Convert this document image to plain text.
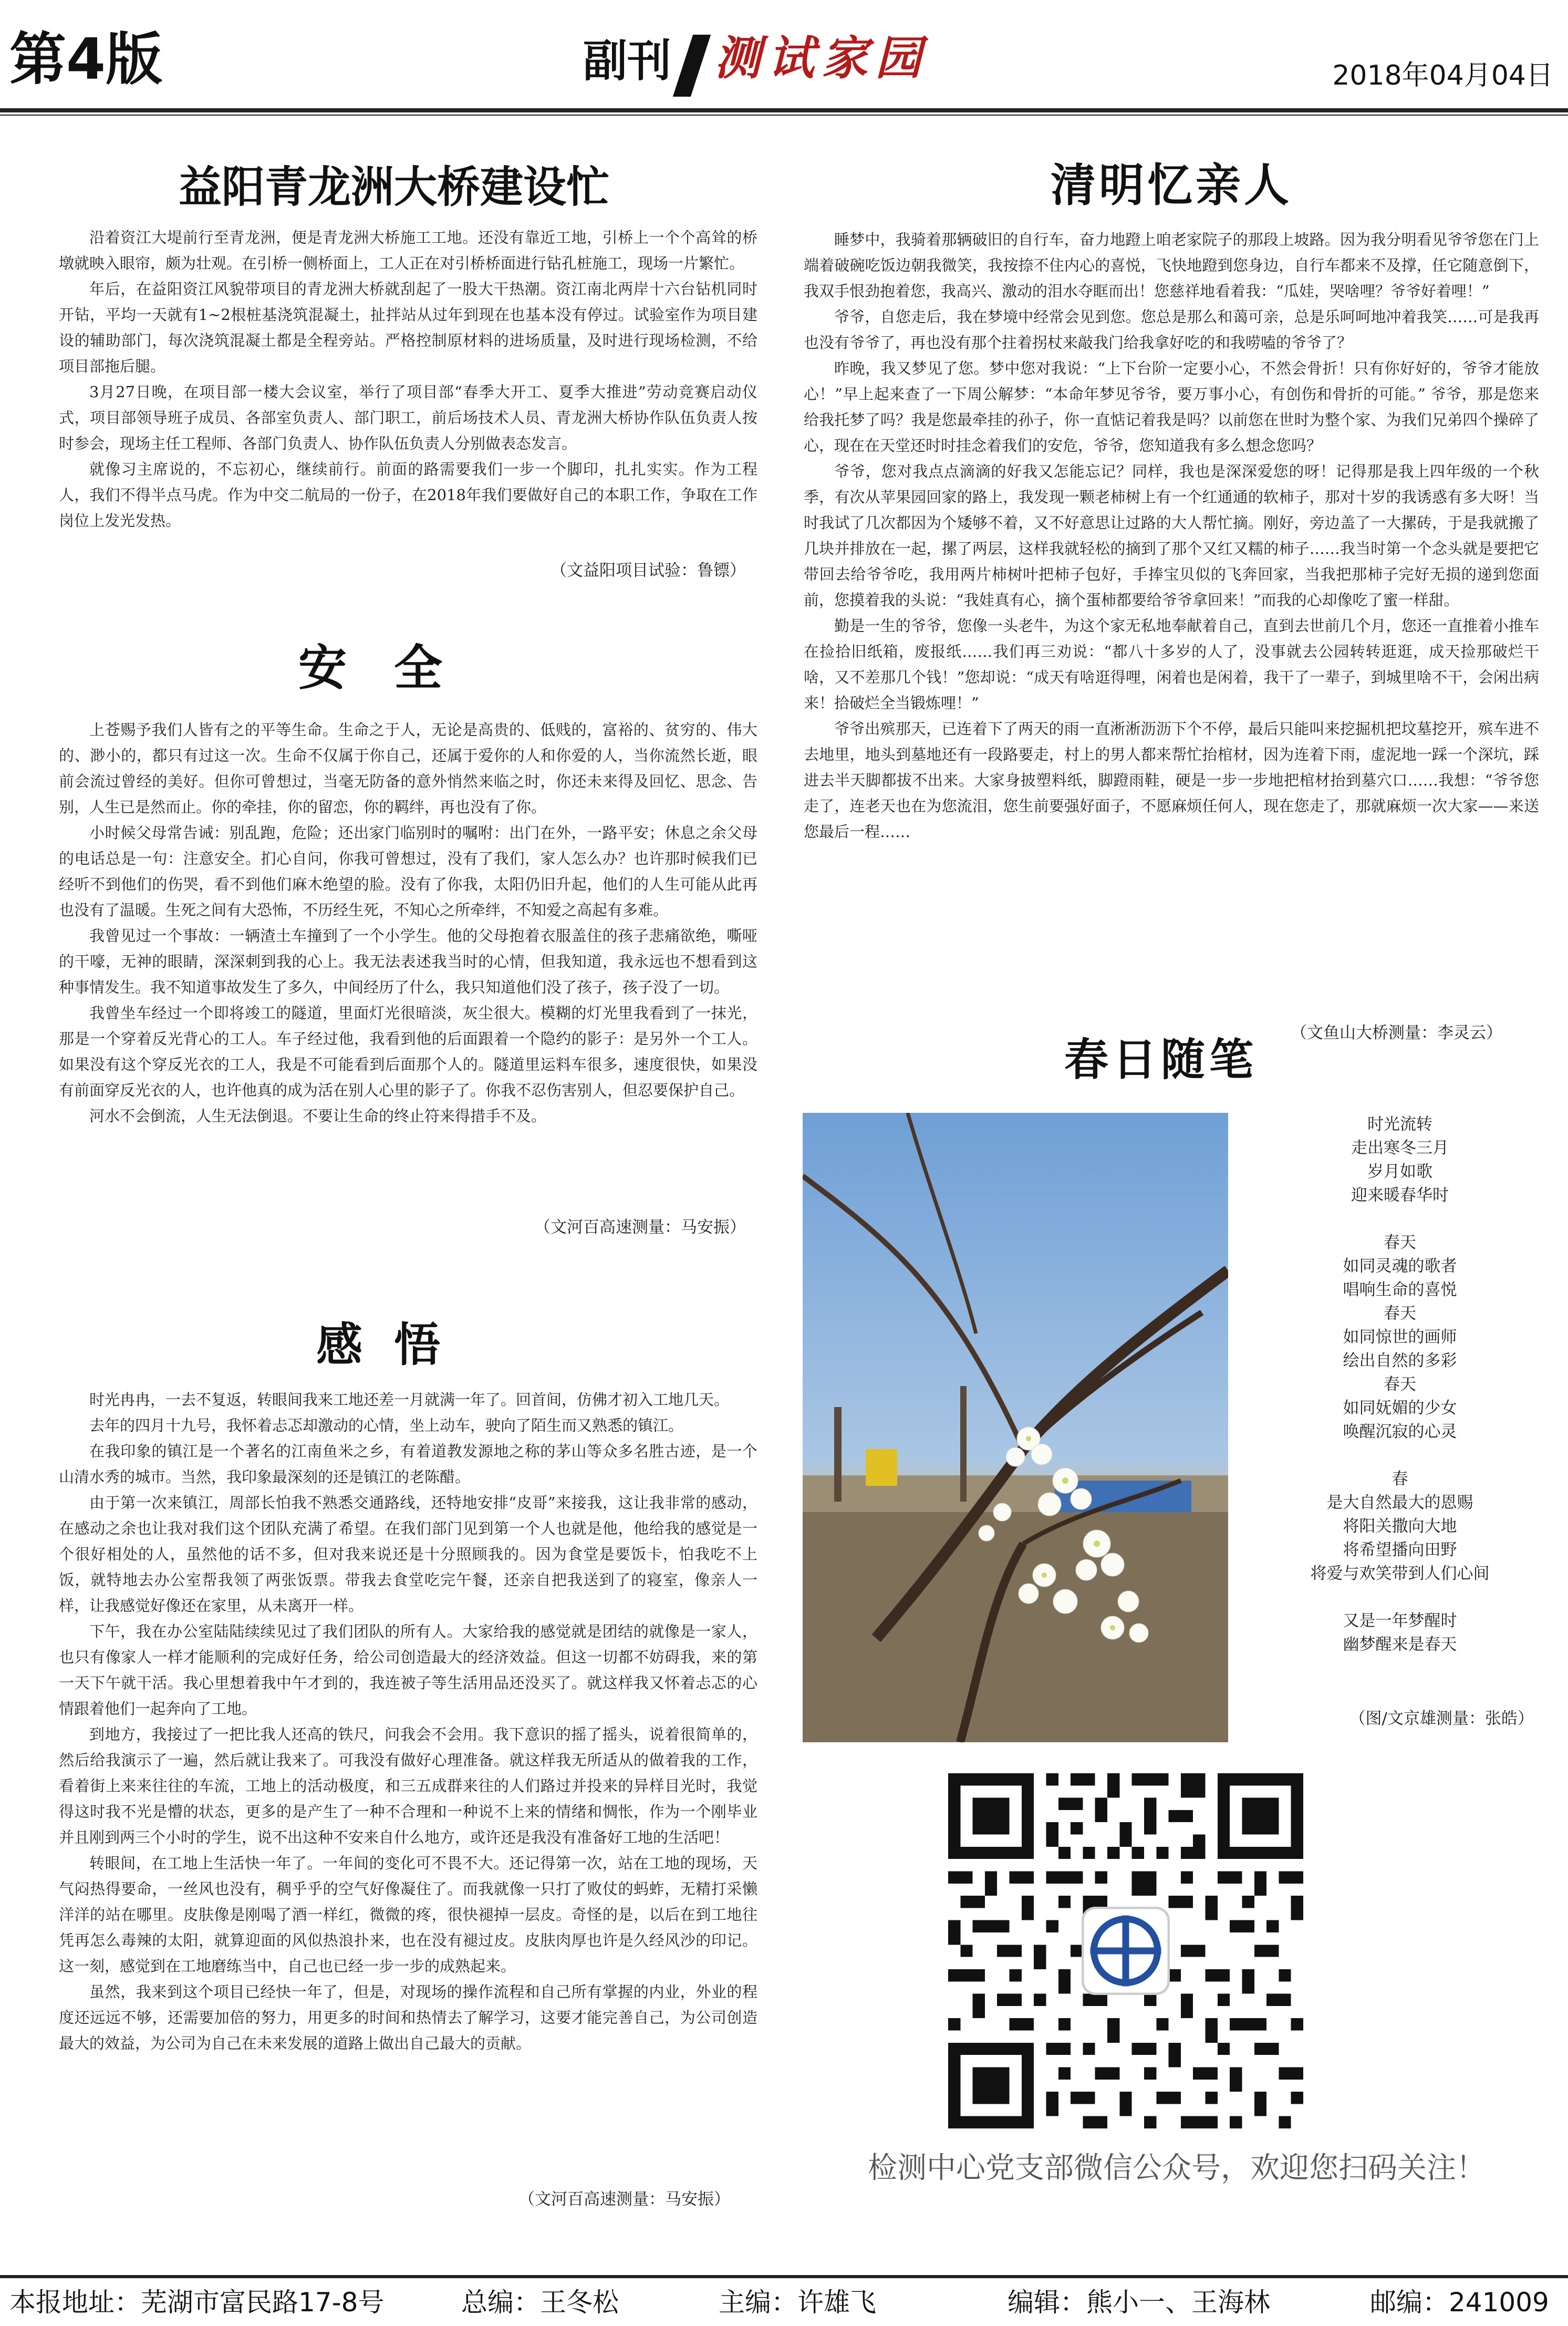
第4版	副刊 测试家园	2018年04月04日
益阳青龙洲大桥建设忙

沿着资江大堤前行至青龙洲，便是青龙洲大桥施工工地。还没有靠近工地，引桥上一个个高耸的桥墩就映入眼帘，颇为壮观。在引桥一侧桥面上，工人正在对引桥桥面进行钻孔桩施工，现场一片繁忙。

年后，在益阳资江风貌带项目的青龙洲大桥就刮起了一股大干热潮。资江南北两岸十六台钻机同时开钻，平均一天就有1~2根桩基浇筑混凝土，扯拌站从过年到现在也基本没有停过。试验室作为项目建设的辅助部门，每次浇筑混凝土都是全程旁站。严格控制原材料的进场质量，及时进行现场检测，不给项目部拖后腿。

3月27日晚，在项目部一楼大会议室，举行了项目部“春季大开工、夏季大推进”劳动竞赛启动仪式，项目部领导班子成员、各部室负责人、部门职工，前后场技术人员、青龙洲大桥协作队伍负责人按时参会，现场主任工程师、各部门负责人、协作队伍负责人分别做表态发言。

就像习主席说的，不忘初心，继续前行。前面的路需要我们一步一个脚印，扎扎实实。作为工程人，我们不得半点马虎。作为中交二航局的一份子，在2018年我们要做好自己的本职工作，争取在工作岗位上发光发热。

（文益阳项目试验：鲁镖）
安全

上苍赐予我们人皆有之的平等生命。生命之于人，无论是高贵的、低贱的，富裕的、贫穷的、伟大的、渺小的，都只有过这一次。生命不仅属于你自己，还属于爱你的人和你爱的人，当你流然长逝，眼前会流过曾经的美好。但你可曾想过，当毫无防备的意外悄然来临之时，你还未来得及回忆、思念、告别，人生已是然而止。你的牵挂，你的留恋，你的羁绊，再也没有了你。

小时候父母常告诫：别乱跑，危险；还出家门临别时的嘱咐：出门在外，一路平安；休息之余父母的电话总是一句：注意安全。扪心自问，你我可曾想过，没有了我们，家人怎么办？也许那时候我们已经听不到他们的伤哭，看不到他们麻木绝望的脸。没有了你我，太阳仍旧升起，他们的人生可能从此再也没有了温暖。生死之间有大恐怖，不历经生死，不知心之所牵绊，不知爱之高起有多难。

我曾见过一个事故：一辆渣土车撞到了一个小学生。他的父母抱着衣服盖住的孩子悲痛欲绝，嘶哑的干嚎，无神的眼睛，深深刺到我的心上。我无法表述我当时的心情，但我知道，我永远也不想看到这种事情发生。我不知道事故发生了多久，中间经历了什么，我只知道他们没了孩子，孩子没了一切。

我曾坐车经过一个即将竣工的隧道，里面灯光很暗淡，灰尘很大。模糊的灯光里我看到了一抹光，那是一个穿着反光背心的工人。车子经过他，我看到他的后面跟着一个隐约的影子：是另外一个工人。如果没有这个穿反光衣的工人，我是不可能看到后面那个人的。隧道里运料车很多，速度很快，如果没有前面穿反光衣的人，也许他真的成为活在别人心里的影子了。你我不忍伤害别人，但忍要保护自己。

河水不会倒流，人生无法倒退。不要让生命的终止符来得措手不及。

（文河百高速测量：马安振）
感悟

时光冉冉，一去不复返，转眼间我来工地还差一月就满一年了。回首间，仿佛才初入工地几天。

去年的四月十九号，我怀着忐忑却激动的心情，坐上动车，驶向了陌生而又熟悉的镇江。

在我印象的镇江是一个著名的江南鱼米之乡，有着道教发源地之称的茅山等众多名胜古迹，是一个山清水秀的城市。当然，我印象最深刻的还是镇江的老陈醋。

由于第一次来镇江，周部长怕我不熟悉交通路线，还特地安排“皮哥”来接我，这让我非常的感动，在感动之余也让我对我们这个团队充满了希望。在我们部门见到第一个人也就是他，他给我的感觉是一个很好相处的人，虽然他的话不多，但对我来说还是十分照顾我的。因为食堂是要饭卡，怕我吃不上饭，就特地去办公室帮我领了两张饭票。带我去食堂吃完午餐，还亲自把我送到了的寝室，像亲人一样，让我感觉好像还在家里，从未离开一样。

下午，我在办公室陆陆续续见过了我们团队的所有人。大家给我的感觉就是团结的就像是一家人，也只有像家人一样才能顺利的完成好任务，给公司创造最大的经济效益。但这一切都不妨碍我，来的第一天下午就干活。我心里想着我中午才到的，我连被子等生活用品还没买了。就这样我又怀着忐忑的心情跟着他们一起奔向了工地。

到地方，我接过了一把比我人还高的铁尺，问我会不会用。我下意识的摇了摇头，说着很简单的，然后给我演示了一遍，然后就让我来了。可我没有做好心理准备。就这样我无所适从的做着我的工作，看着街上来来往往的车流，工地上的活动极度，和三五成群来往的人们路过并投来的异样目光时，我觉得这时我不光是懵的状态，更多的是产生了一种不合理和一种说不上来的情绪和惆怅，作为一个刚毕业并且刚到两三个小时的学生，说不出这种不安来自什么地方，或许还是我没有准备好工地的生活吧！

转眼间，在工地上生活快一年了。一年间的变化可不畏不大。还记得第一次，站在工地的现场，天气闷热得要命，一丝风也没有，稠乎乎的空气好像凝住了。而我就像一只打了败仗的蚂蚱，无精打采懒洋洋的站在哪里。皮肤像是刚喝了酒一样红，微微的疼，很快褪掉一层皮。奇怪的是，以后在到工地往凭再怎么毒辣的太阳，就算迎面的风似热浪扑来，也在没有褪过皮。皮肤肉厚也许是久经风沙的印记。这一刻，感觉到在工地磨练当中，自己也已经一步一步的成熟起来。

虽然，我来到这个项目已经快一年了，但是，对现场的操作流程和自己所有掌握的内业，外业的程度还远远不够，还需要加倍的努力，用更多的时间和热情去了解学习，这要才能完善自己，为公司创造最大的效益，为公司为自己在未来发展的道路上做出自己最大的贡献。

（文河百高速测量：马安振）
清明忆亲人

睡梦中，我骑着那辆破旧的自行车，奋力地蹬上咱老家院子的那段上坡路。因为我分明看见爷爷您在门上端着破碗吃饭边朝我微笑，我按捺不住内心的喜悦，飞快地蹬到您身边，自行车都来不及撑，任它随意倒下，我双手恨劲抱着您，我高兴、激动的泪水夺眶而出！您慈祥地看着我：“瓜娃，哭啥哩？爷爷好着哩！”

爷爷，自您走后，我在梦境中经常会见到您。您总是那么和蔼可亲，总是乐呵呵地冲着我笑……可是我再也没有爷爷了，再也没有那个拄着拐杖来敲我门给我拿好吃的和我唠嗑的爷爷了？

昨晚，我又梦见了您。梦中您对我说：“上下台阶一定要小心，不然会骨折！只有你好好的，爷爷才能放心！”早上起来查了一下周公解梦：“本命年梦见爷爷，要万事小心，有创伤和骨折的可能。” 爷爷，那是您来给我托梦了吗？我是您最牵挂的孙子，你一直惦记着我是吗？以前您在世时为整个家、为我们兄弟四个操碎了心，现在在天堂还时时挂念着我们的安危，爷爷，您知道我有多么想念您吗？

爷爷，您对我点点滴滴的好我又怎能忘记？同样，我也是深深爱您的呀！记得那是我上四年级的一个秋季，有次从苹果园回家的路上，我发现一颗老柿树上有一个红通通的软柿子，那对十岁的我诱惑有多大呀！当时我试了几次都因为个矮够不着，又不好意思让过路的大人帮忙摘。刚好，旁边盖了一大摞砖，于是我就搬了几块并排放在一起，摞了两层，这样我就轻松的摘到了那个又红又糯的柿子……我当时第一个念头就是要把它带回去给爷爷吃，我用两片柿树叶把柿子包好，手捧宝贝似的飞奔回家，当我把那柿子完好无损的递到您面前，您摸着我的头说：“我娃真有心，摘个蛋柿都要给爷爷拿回来！”而我的心却像吃了蜜一样甜。

勤是一生的爷爷，您像一头老牛，为这个家无私地奉献着自己，直到去世前几个月，您还一直推着小推车在捡拾旧纸箱，废报纸……我们再三劝说：“都八十多岁的人了，没事就去公园转转逛逛，成天捡那破烂干啥，又不差那几个钱！”您却说：“成天有啥逛得哩，闲着也是闲着，我干了一辈子，到城里啥不干，会闲出病来！拾破烂全当锻炼哩！”

爷爷出殡那天，已连着下了两天的雨一直淅淅沥沥下个不停，最后只能叫来挖掘机把坟墓挖开，殡车进不去地里，地头到墓地还有一段路要走，村上的男人都来帮忙抬棺材，因为连着下雨，虚泥地一踩一个深坑，踩进去半天脚都拔不出来。大家身披塑料纸，脚蹬雨鞋，硬是一步一步地把棺材抬到墓穴口……我想：“爷爷您走了，连老天也在为您流泪，您生前要强好面子，不愿麻烦任何人，现在您走了，那就麻烦一次大家——来送您最后一程……

（文鱼山大桥测量：李灵云）
春日随笔
时光流转
走出寒冬三月
岁月如歌
迎来暖春华时
春天
如同灵魂的歌者
唱响生命的喜悦
春天
如同惊世的画师
绘出自然的多彩
春天
如同妩媚的少女
唤醒沉寂的心灵
春
是大自然最大的恩赐
将阳关撒向大地
将希望播向田野
将爱与欢笑带到人们心间
又是一年梦醒时
幽梦醒来是春天
（图/文京雄测量：张皓）
检测中心党支部微信公众号，欢迎您扫码关注！
本报地址：芜湖市富民路17-8号	总编：王冬松	主编：许雄飞	编辑：熊小一、王海林	邮编：241009
